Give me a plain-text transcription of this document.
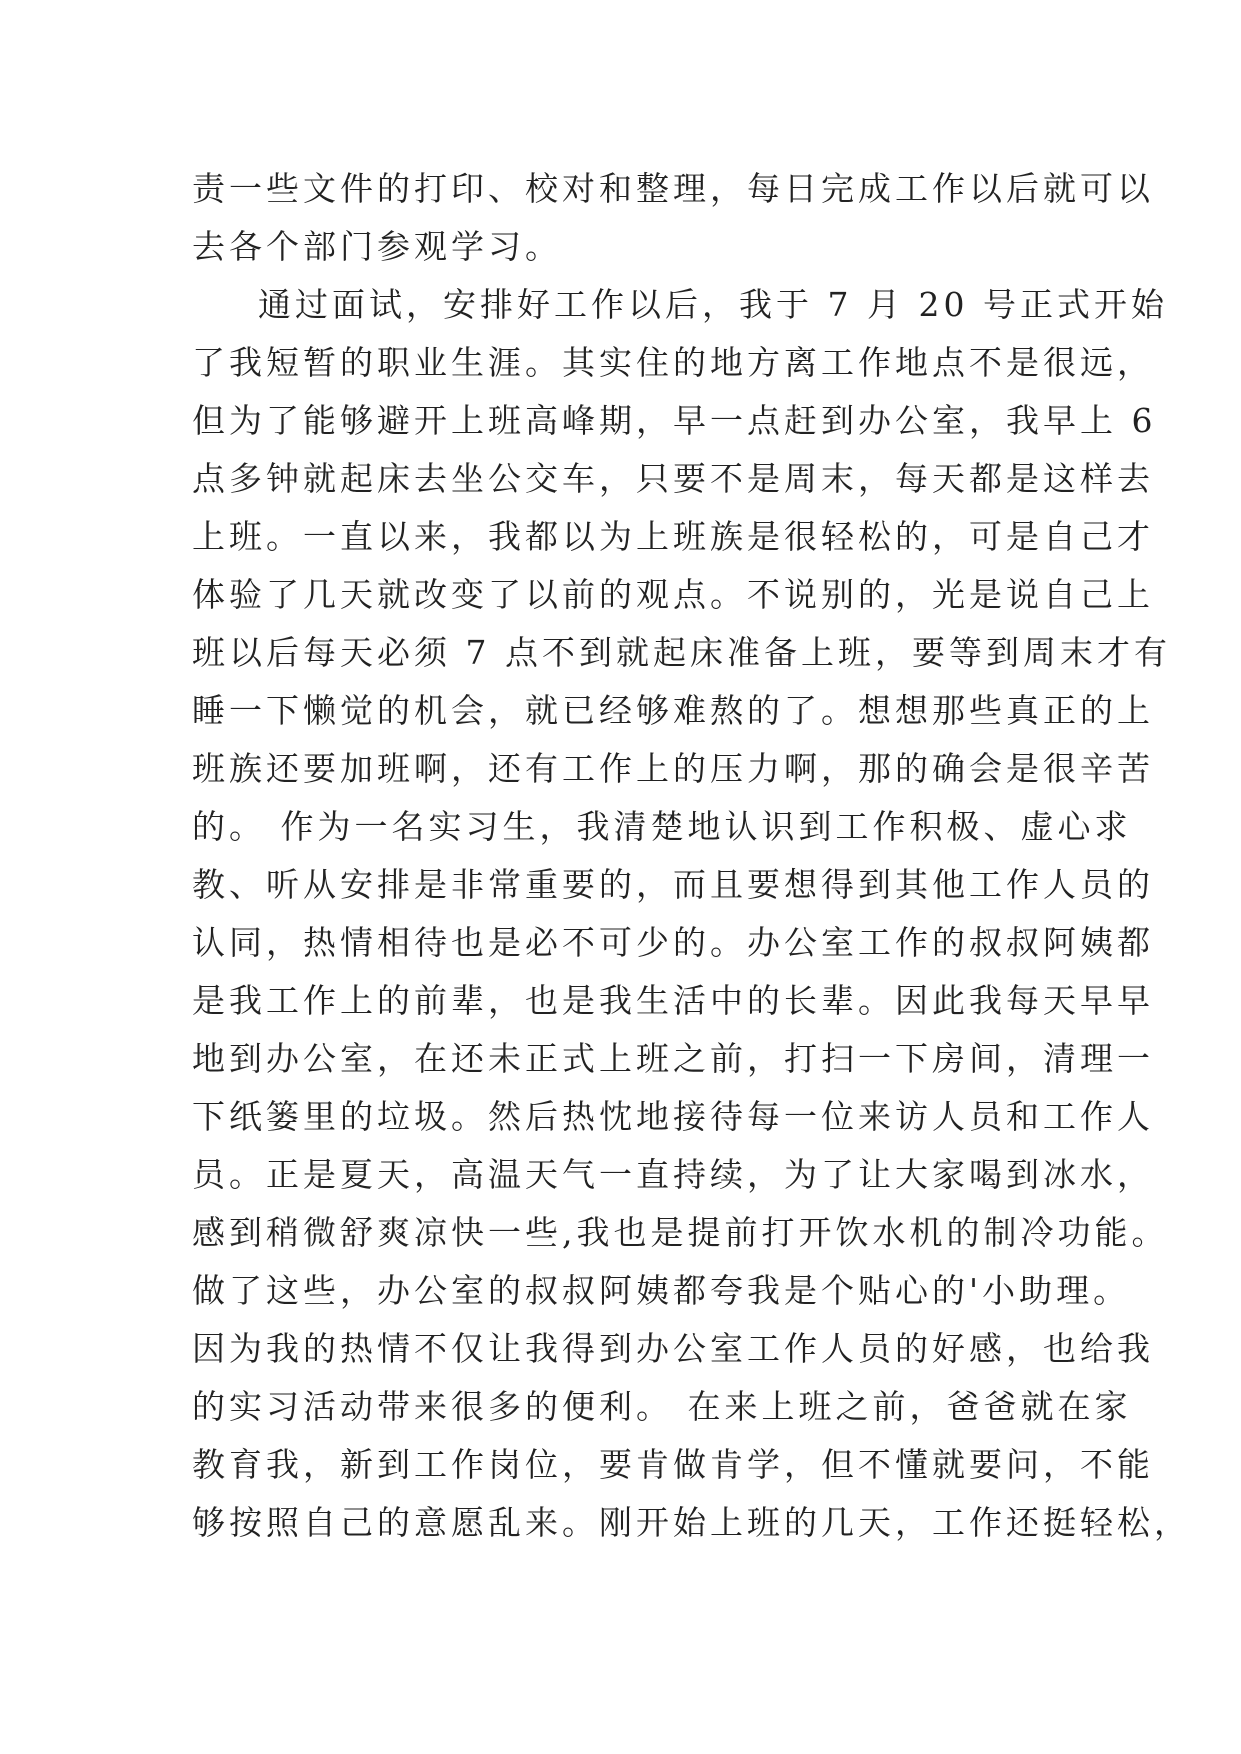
责一些文件的打印、校对和整理，每日完成工作以后就可以
去各个部门参观学习。
通过面试，安排好工作以后，我于 7 月 20 号正式开始
了我短暂的职业生涯。其实住的地方离工作地点不是很远，
但为了能够避开上班高峰期，早一点赶到办公室，我早上 6
点多钟就起床去坐公交车，只要不是周末，每天都是这样去
上班。一直以来，我都以为上班族是很轻松的，可是自己才
体验了几天就改变了以前的观点。不说别的，光是说自己上
班以后每天必须 7 点不到就起床准备上班，要等到周末才有
睡一下懒觉的机会，就已经够难熬的了。想想那些真正的上
班族还要加班啊，还有工作上的压力啊，那的确会是很辛苦
的。 作为一名实习生，我清楚地认识到工作积极、虚心求
教、听从安排是非常重要的，而且要想得到其他工作人员的
认同，热情相待也是必不可少的。办公室工作的叔叔阿姨都
是我工作上的前辈，也是我生活中的长辈。因此我每天早早
地到办公室，在还未正式上班之前，打扫一下房间，清理一
下纸篓里的垃圾。然后热忱地接待每一位来访人员和工作人
员。正是夏天，高温天气一直持续，为了让大家喝到冰水，
感到稍微舒爽凉快一些,我也是提前打开饮水机的制冷功能。
做了这些，办公室的叔叔阿姨都夸我是个贴心的'小助理。
因为我的热情不仅让我得到办公室工作人员的好感，也给我
的实习活动带来很多的便利。 在来上班之前，爸爸就在家
教育我，新到工作岗位，要肯做肯学，但不懂就要问，不能
够按照自己的意愿乱来。刚开始上班的几天，工作还挺轻松，
